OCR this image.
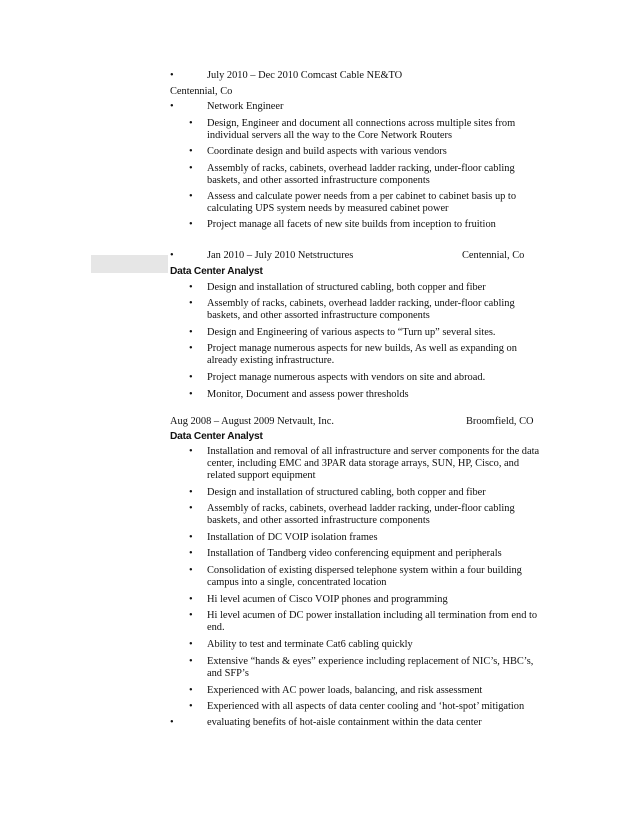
•	July 2010 – Dec 2010 Comcast Cable NE&TO
Centennial, Co
•	Network Engineer
• Design, Engineer and document all connections across multiple sites from
individual servers all the way to the Core Network Routers
• Coordinate design and build aspects with various vendors
• Assembly of racks, cabinets, overhead ladder racking, under-floor cabling
baskets, and other assorted infrastructure components
• Assess and calculate power needs from a per cabinet to cabinet basis up to
calculating UPS system needs by measured cabinet power
• Project manage all facets of new site builds from inception to fruition
•	Jan 2010 – July 2010 Netstructures	Centennial, Co
Data Center Analyst
• Design and installation of structured cabling, both copper and fiber
• Assembly of racks, cabinets, overhead ladder racking, under-floor cabling
baskets, and other assorted infrastructure components
• Design and Engineering of various aspects to “Turn up” several sites.
• Project manage numerous aspects for new builds, As well as expanding on
already existing infrastructure.
• Project manage numerous aspects with vendors on site and abroad.
• Monitor, Document and assess power thresholds
Aug 2008 – August 2009 Netvault, Inc.	Broomfield, CO
Data Center Analyst
• Installation and removal of all infrastructure and server components for the data
center, including EMC and 3PAR data storage arrays, SUN, HP, Cisco, and
related support equipment
• Design and installation of structured cabling, both copper and fiber
• Assembly of racks, cabinets, overhead ladder racking, under-floor cabling
baskets, and other assorted infrastructure components
• Installation of DC VOIP isolation frames
• Installation of Tandberg video conferencing equipment and peripherals
• Consolidation of existing dispersed telephone system within a four building
campus into a single, concentrated location
• Hi level acumen of Cisco VOIP phones and programming
• Hi level acumen of DC power installation including all termination from end to
end.
• Ability to test and terminate Cat6 cabling quickly
• Extensive “hands & eyes” experience including replacement of NIC’s, HBC’s,
and SFP’s
• Experienced with AC power loads, balancing, and risk assessment
• Experienced with all aspects of data center cooling and ‘hot-spot’ mitigation
•	evaluating benefits of hot-aisle containment within the data center
